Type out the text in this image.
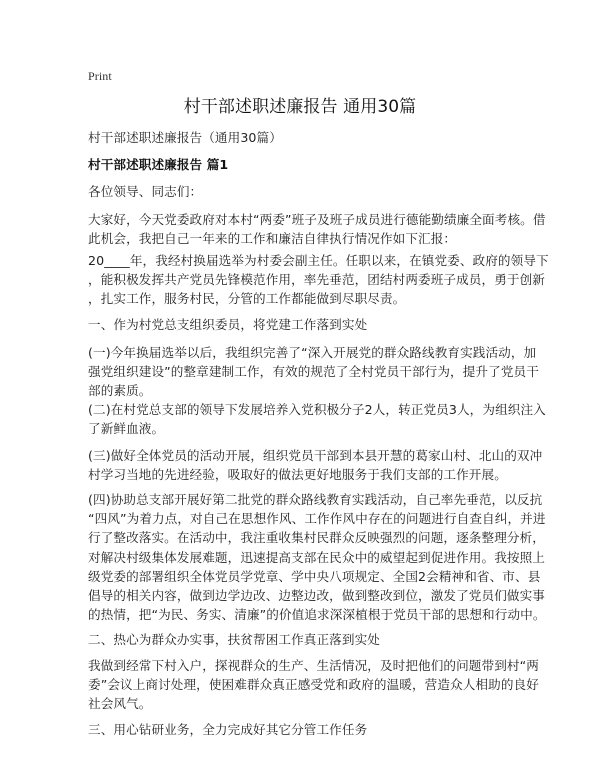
Print
村干部述职述廉报告 通用30篇
村干部述职述廉报告（通用30篇）
村干部述职述廉报告 篇1
各位领导、同志们：
大家好，今天党委政府对本村“两委”班子及班子成员进行德能勤绩廉全面考核。借
此机会，我把自己一年来的工作和廉洁自律执行情况作如下汇报：
20____年，我经村换届选举为村委会副主任。任职以来，在镇党委、政府的领导下
，能积极发挥共产党员先锋模范作用，率先垂范，团结村两委班子成员，勇于创新
，扎实工作，服务村民，分管的工作都能做到尽职尽责。
一、作为村党总支组织委员，将党建工作落到实处
(一)今年换届选举以后，我组织完善了“深入开展党的群众路线教育实践活动，加
强党组织建设”的整章建制工作，有效的规范了全村党员干部行为，提升了党员干
部的素质。
(二)在村党总支部的领导下发展培养入党积极分子2人，转正党员3人，为组织注入
了新鲜血液。
(三)做好全体党员的活动开展，组织党员干部到本县开慧的葛家山村、北山的双冲
村学习当地的先进经验，吸取好的做法更好地服务于我们支部的工作开展。
(四)协助总支部开展好第二批党的群众路线教育实践活动，自己率先垂范，以反抗
“四风”为着力点，对自己在思想作风、工作作风中存在的问题进行自查自纠，并进
行了整改落实。在活动中，我注重收集村民群众反映强烈的问题，逐条整理分析，
对解决村级集体发展难题，迅速提高支部在民众中的威望起到促进作用。我按照上
级党委的部署组织全体党员学党章、学中央八项规定、全国2会精神和省、市、县
倡导的相关内容，做到边学边改、边整边改，做到整改到位，激发了党员们做实事
的热情，把“为民、务实、清廉”的价值追求深深植根于党员干部的思想和行动中。
二、热心为群众办实事，扶贫帮困工作真正落到实处
我做到经常下村入户，探视群众的生产、生活情况，及时把他们的问题带到村“两
委”会议上商讨处理，使困难群众真正感受党和政府的温暖，营造众人相助的良好
社会风气。
三、用心钻研业务，全力完成好其它分管工作任务
